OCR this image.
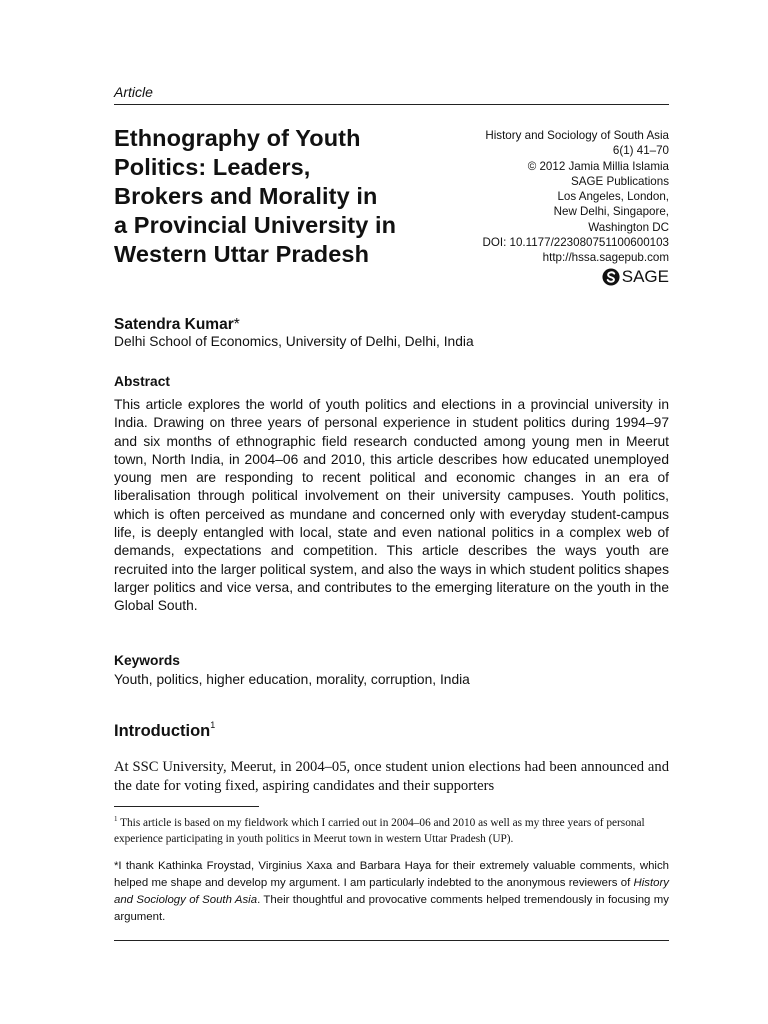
Article
Ethnography of Youth
Politics: Leaders,
Brokers and Morality in
a Provincial University in
Western Uttar Pradesh
History and Sociology of South Asia
6(1) 41–70
© 2012 Jamia Millia Islamia
SAGE Publications
Los Angeles, London,
New Delhi, Singapore,
Washington DC
DOI: 10.1177/223080751100600103
http://hssa.sagepub.com
SAGE
Satendra Kumar*
Delhi School of Economics, University of Delhi, Delhi, India
Abstract
This article explores the world of youth politics and elections in a provincial university in India. Drawing on three years of personal experience in student politics during 1994–97 and six months of ethnographic field research conducted among young men in Meerut town, North India, in 2004–06 and 2010, this article describes how educated unemployed young men are responding to recent political and economic changes in an era of liberalisation through political involvement on their university campuses. Youth politics, which is often perceived as mundane and concerned only with everyday student-campus life, is deeply entangled with local, state and even national politics in a complex web of demands, expectations and competition. This article describes the ways youth are recruited into the larger political system, and also the ways in which student politics shapes larger politics and vice versa, and contributes to the emerging literature on the youth in the Global South.
Keywords
Youth, politics, higher education, morality, corruption, India
Introduction$^1$
At SSC University, Meerut, in 2004–05, once student union elections had been announced and the date for voting fixed, aspiring candidates and their supporters
$^1$ This article is based on my fieldwork which I carried out in 2004–06 and 2010 as well as my three years of personal experience participating in youth politics in Meerut town in western Uttar Pradesh (UP).
*I thank Kathinka Froystad, Virginius Xaxa and Barbara Haya for their extremely valuable comments, which helped me shape and develop my argument. I am particularly indebted to the anonymous reviewers of History and Sociology of South Asia. Their thoughtful and provocative comments helped tremendously in focusing my argument.
